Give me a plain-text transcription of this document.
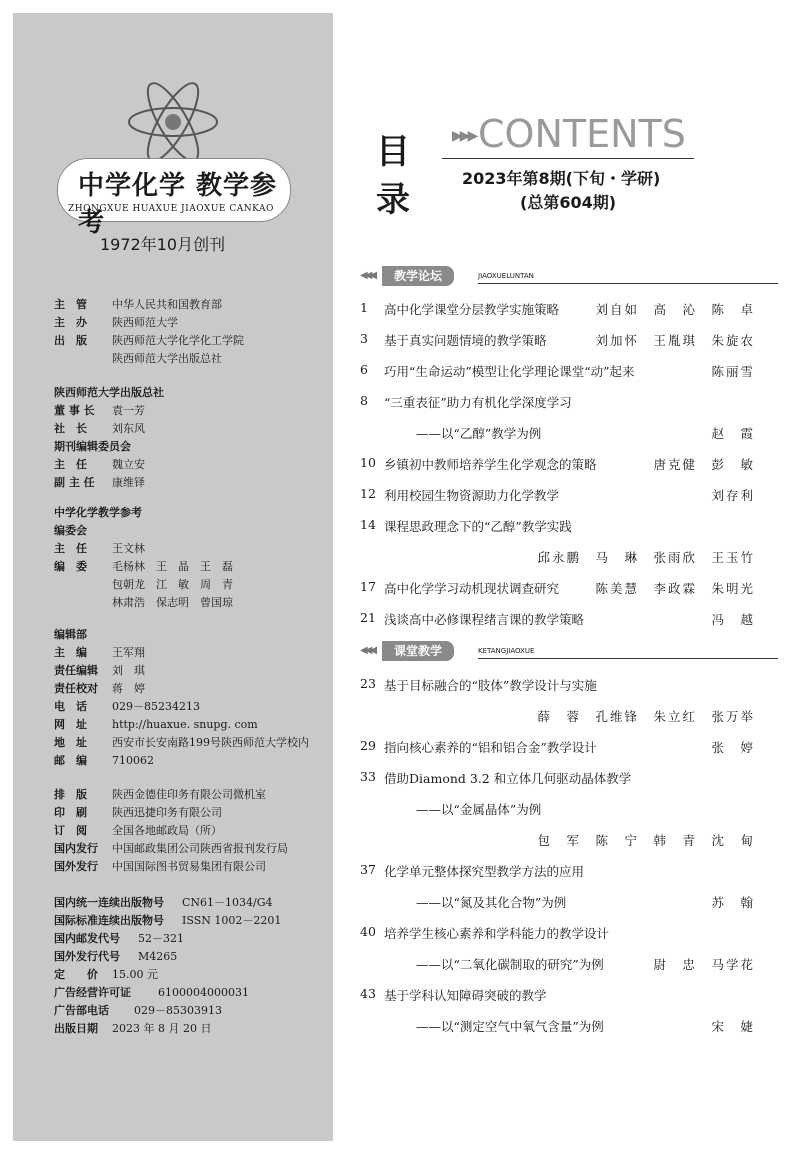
中学化学 教学参考
ZHONGXUE HUAXUE JIAOXUE CANKAO
1972年10月创刊
主　管	中华人民共和国教育部
主　办	陕西师范大学
出　版	陕西师范大学化学化工学院
陕西师范大学出版总社
陕西师范大学出版总社
董 事 长	袁一芳
社　长	刘东风
期刊编辑委员会
主　任	魏立安
副 主 任	康维铎
中学化学教学参考
编委会
主　任	王文林
编　委	毛杨林　王　晶　王　磊
包朝龙　江　敏　周　青
林肃浩　保志明　曾国琼
编辑部
主　编	王军翔
责任编辑	刘　琪
责任校对	蒋　婷
电　话	029－85234213
网　址	http://huaxue. snupg. com
地　址	西安市长安南路199号陕西师范大学校内
邮　编	710062
排　版	陕西金德佳印务有限公司微机室
印　刷	陕西迅捷印务有限公司
订　阅	全国各地邮政局（所）
国内发行	中国邮政集团公司陕西省报刊发行局
国外发行	中国国际图书贸易集团有限公司
国内统一连续出版物号	CN61－1034/G4
国际标准连续出版物号	ISSN 1002－2201
国内邮发代号	52－321
国外发行代号	M4265
定　　价	15.00 元
广告经营许可证	6100004000031
广告部电话	029－85303913
出版日期	2023 年 8 月 20 日
目
录
▶▶▶ CONTENTS
2023年第8期(下旬・学研)
(总第604期)
◀◀◀	教学论坛	JIAOXUELUNTAN
1	高中化学课堂分层教学实施策略	刘自如　高　沁　陈　卓
3	基于真实问题情境的教学策略	刘加怀　王胤琪　朱旋农
6	巧用“生命运动”模型让化学理论课堂“动”起来	陈丽雪
8	“三重表征”助力有机化学深度学习
——以“乙醇”教学为例	赵　霞
10 乡镇初中教师培养学生化学观念的策略	唐克健　彭　敏
12 利用校园生物资源助力化学教学	刘存利
14 课程思政理念下的“乙醇”教学实践
邱永鹏　马　琳　张雨欣　王玉竹
17 高中化学学习动机现状调查研究	陈美慧　李政霖　朱明光
21 浅谈高中必修课程绪言课的教学策略	冯　越
◀◀◀	课堂教学	KETANGJIAOXUE
23 基于目标融合的“肢体”教学设计与实施
薛　蓉　孔维锋　朱立红　张万举
29 指向核心素养的“铝和铝合金”教学设计	张　婷
33 借助Diamond 3.2 和立体几何驱动晶体教学
——以“金属晶体”为例
包　军　陈　宁　韩　青　沈　甸
37 化学单元整体探究型教学方法的应用
——以“氮及其化合物”为例	苏　翰
40 培养学生核心素养和学科能力的教学设计
——以“二氧化碳制取的研究”为例	尉　忠　马学花
43 基于学科认知障碍突破的教学
——以“测定空气中氧气含量”为例	宋　婕
